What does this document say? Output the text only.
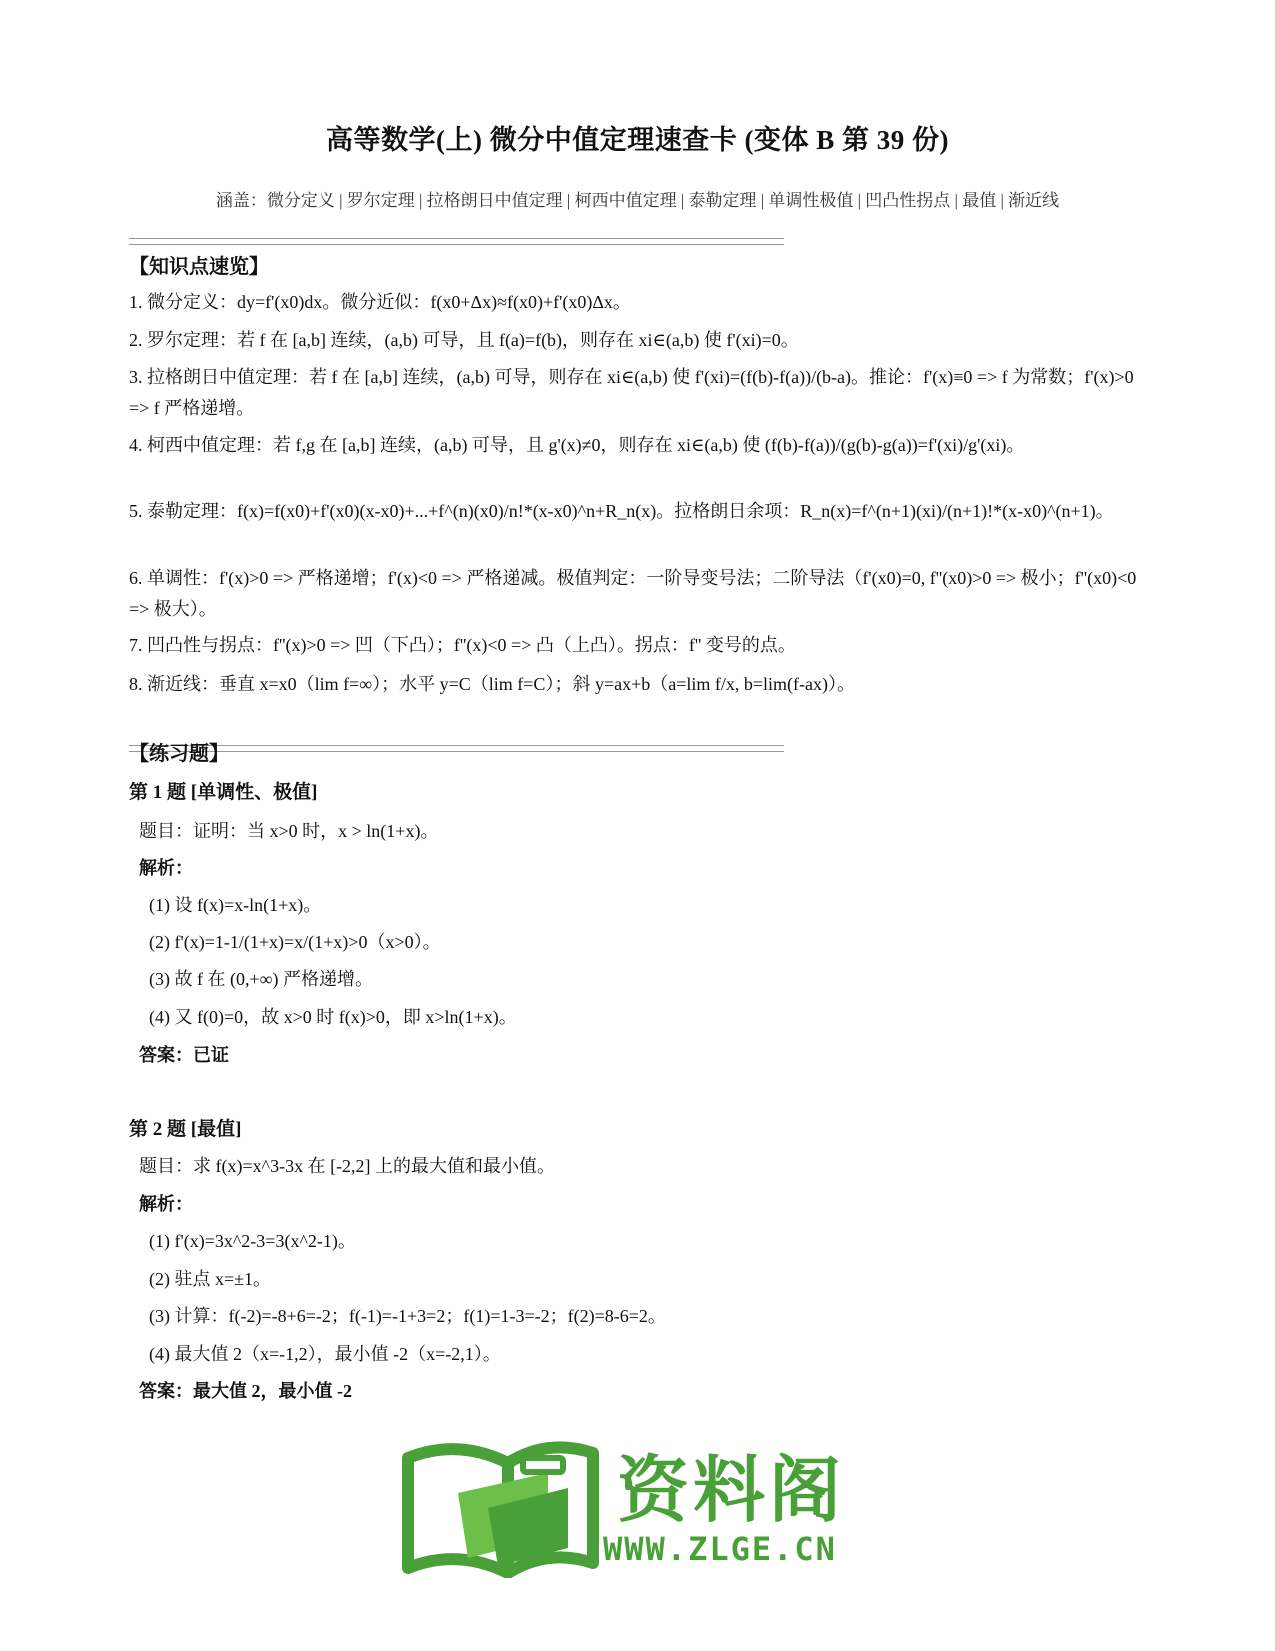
高等数学(上) 微分中值定理速查卡 (变体 B 第 39 份)
涵盖：微分定义 | 罗尔定理 | 拉格朗日中值定理 | 柯西中值定理 | 泰勒定理 | 单调性极值 | 凹凸性拐点 | 最值 | 渐近线
【知识点速览】
1. 微分定义：dy=f'(x0)dx。微分近似：f(x0+Δx)≈f(x0)+f'(x0)Δx。
2. 罗尔定理：若 f 在 [a,b] 连续，(a,b) 可导，且 f(a)=f(b)，则存在 xi∈(a,b) 使 f'(xi)=0。
3. 拉格朗日中值定理：若 f 在 [a,b] 连续，(a,b) 可导，则存在 xi∈(a,b) 使 f'(xi)=(f(b)-f(a))/(b-a)。推论：f'(x)≡0 => f 为常数；f'(x)>0 => f 严格递增。
4. 柯西中值定理：若 f,g 在 [a,b] 连续，(a,b) 可导，且 g'(x)≠0，则存在 xi∈(a,b) 使 (f(b)-f(a))/(g(b)-g(a))=f'(xi)/g'(xi)。
5. 泰勒定理：f(x)=f(x0)+f'(x0)(x-x0)+...+f^(n)(x0)/n!*(x-x0)^n+R_n(x)。拉格朗日余项：R_n(x)=f^(n+1)(xi)/(n+1)!*(x-x0)^(n+1)。
6. 单调性：f'(x)>0 => 严格递增；f'(x)<0 => 严格递减。极值判定：一阶导变号法；二阶导法（f'(x0)=0, f''(x0)>0 => 极小；f''(x0)<0 => 极大）。
7. 凹凸性与拐点：f''(x)>0 => 凹（下凸）；f''(x)<0 => 凸（上凸）。拐点：f'' 变号的点。
8. 渐近线：垂直 x=x0（lim f=∞）；水平 y=C（lim f=C）；斜 y=ax+b（a=lim f/x, b=lim(f-ax)）。
【练习题】
第 1 题 [单调性、极值]
题目：证明：当 x>0 时，x > ln(1+x)。
解析：
(1) 设 f(x)=x-ln(1+x)。
(2) f'(x)=1-1/(1+x)=x/(1+x)>0（x>0）。
(3) 故 f 在 (0,+∞) 严格递增。
(4) 又 f(0)=0，故 x>0 时 f(x)>0，即 x>ln(1+x)。
答案：已证
第 2 题 [最值]
题目：求 f(x)=x^3-3x 在 [-2,2] 上的最大值和最小值。
解析：
(1) f'(x)=3x^2-3=3(x^2-1)。
(2) 驻点 x=±1。
(3) 计算：f(-2)=-8+6=-2；f(-1)=-1+3=2；f(1)=1-3=-2；f(2)=8-6=2。
(4) 最大值 2（x=-1,2），最小值 -2（x=-2,1）。
答案：最大值 2，最小值 -2
资料阁
WWW.ZLGE.CN
